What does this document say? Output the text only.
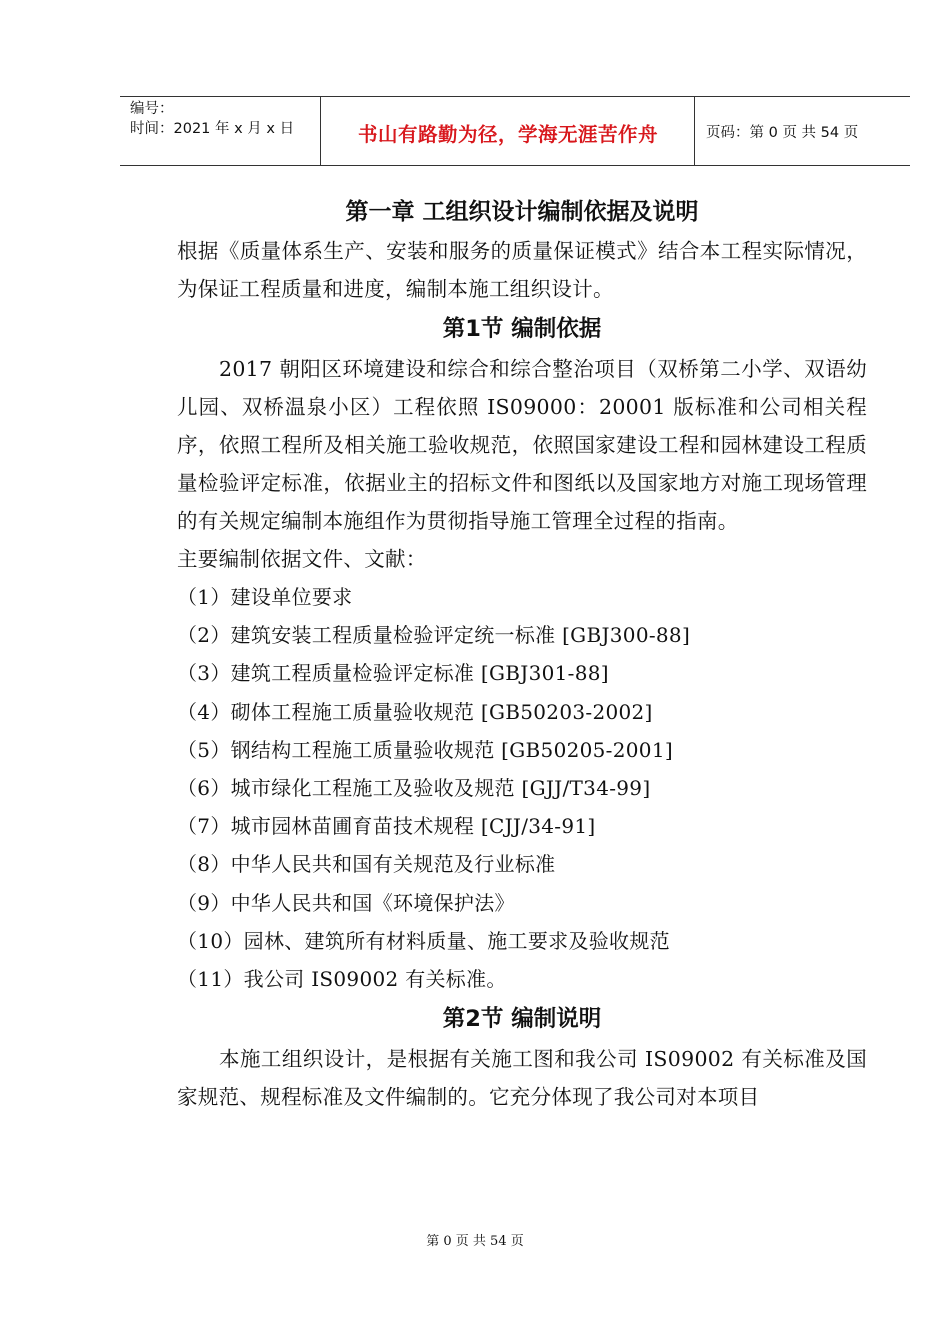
编号：
时间：2021 年 x 月 x 日	书山有路勤为径，学海无涯苦作舟	页码：第 0 页 共 54 页
第一章 工组织设计编制依据及说明

根据《质量体系生产、安装和服务的质量保证模式》结合本工程实际情况，为保证工程质量和进度，编制本施工组织设计。

第1节 编制依据

2017 朝阳区环境建设和综合和综合整治项目（双桥第二小学、双语幼儿园、双桥温泉小区）工程依照 IS09000：20001 版标准和公司相关程序，依照工程所及相关施工验收规范，依照国家建设工程和园林建设工程质量检验评定标准，依据业主的招标文件和图纸以及国家地方对施工现场管理的有关规定编制本施组作为贯彻指导施工管理全过程的指南。

主要编制依据文件、文献：

（1）建设单位要求
（2）建筑安装工程质量检验评定统一标准 [GBJ300-88]
（3）建筑工程质量检验评定标准 [GBJ301-88]
（4）砌体工程施工质量验收规范 [GB50203-2002]
（5）钢结构工程施工质量验收规范 [GB50205-2001]
（6）城市绿化工程施工及验收及规范 [GJJ/T34-99]
（7）城市园林苗圃育苗技术规程 [CJJ/34-91]
（8）中华人民共和国有关规范及行业标准
（9）中华人民共和国《环境保护法》
（10）园林、建筑所有材料质量、施工要求及验收规范
（11）我公司 IS09002 有关标准。
第2节 编制说明

本施工组织设计，是根据有关施工图和我公司 IS09002 有关标准及国家规范、规程标准及文件编制的。它充分体现了我公司对本项目

第 0 页 共 54 页
